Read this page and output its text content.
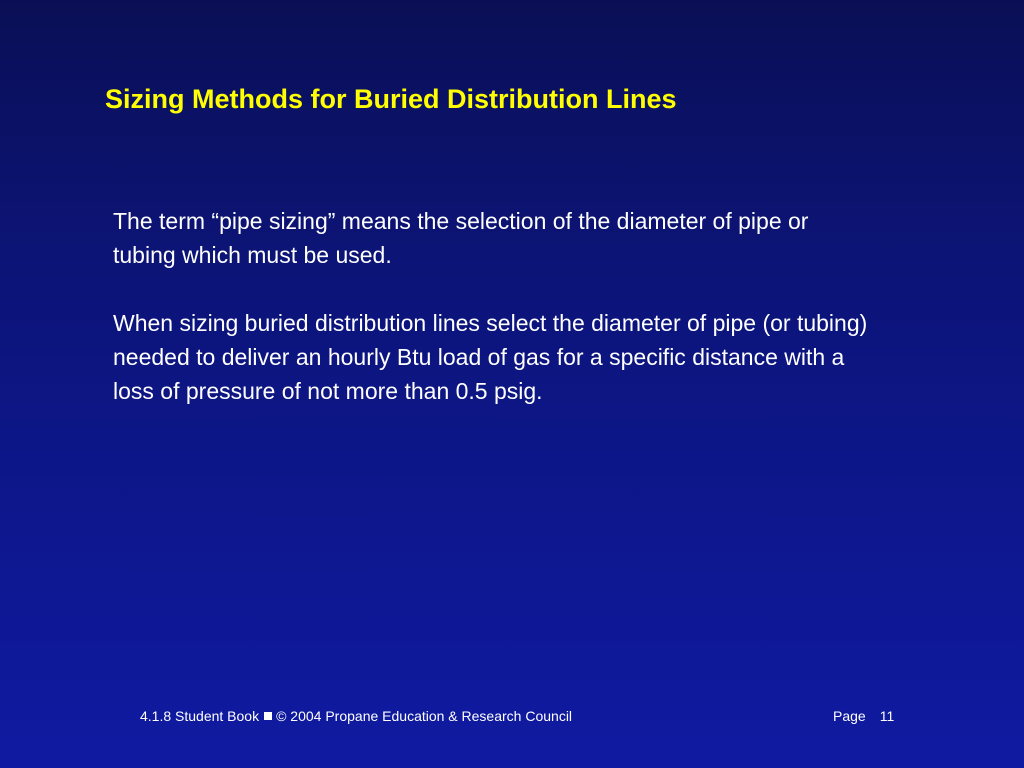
Sizing Methods for Buried Distribution Lines

The term “pipe sizing” means the selection of the diameter of pipe or tubing which must be used.

When sizing buried distribution lines select the diameter of pipe (or tubing) needed to deliver an hourly Btu load of gas for a specific distance with a loss of pressure of not more than 0.5 psig.

4.1.8 Student Book © 2004 Propane Education & Research Council	Page 11
